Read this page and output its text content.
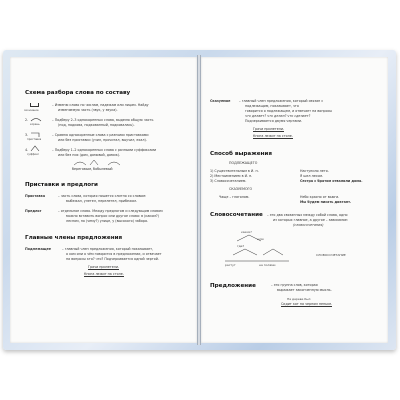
Схема разбора слова по составу
окончание
– Изменю слово по числам, падежам или лицам. Найду
изменяемую часть (звук, у звука).
2.
корень
– Подберу 2–3 однокоренных слова, выделю общую часть
(под, подкова, подкованный, подковалась).
3.
приставка
– Сравню однокоренные слова с разными приставками
или без приставки (учил, прочитал, выучил, ехал).
4.
суффикс
– Подберу 1–2 однокоренных слова с разными суффиксами
или без них (дом, домовой, домик).
береговым, бобылевый
Приставки и предлоги
Приставка	– часть слова, которая пишется слитно со словом:
выбежал, улетел, перелетел, прибежал.
Предлог	– отдельное слово. Между предлогом и следующим словом
можно вставить вопрос или другое слово: в (каком?)
лесном, по (чему?) улице, у (высокого) забора.
Главные члены предложения
Подлежащее	– главный член предложения, который показывает,
о ком или о чём говорится в предложении, и отвечает
на вопросы кто? что? Подчеркивается одной чертой.
Грачи прилетели.
Книга лежит на столе.
Сказуемое	– главный член предложения, который связан с
подлежащим, показывает, что
говорится о подлежащем, и отвечает на вопросы
что делает? что делал? что сделает?
Подчеркивается двумя чертами.
Грачи прилетели.
Книга лежит на столе.
Способ выражения
ПОДЛЕЖАЩЕГО
1) Существительным в И. п.	Наступило лето.
2) Местоимением в И. п.	Я шел лесом.
3) Словосочетанием.	Сестра с братом отвалили дома.
СКАЗУЕМОГО
Чаще – глаголом.	Небо красно от вьюги.
Мы будем писать диктант.
Словосочетание – это два связанных между собой слова, одно
из которых главное, а другое – зависимое:
(словосочетания)
каких?
шли
где?
растут	на полями
СЛОВОСОЧЕТАНИЕ
Предложение	– это группа слов, которая
выражает законченную мысль.
На дереве был
Сидит кот на черном пеньке.
